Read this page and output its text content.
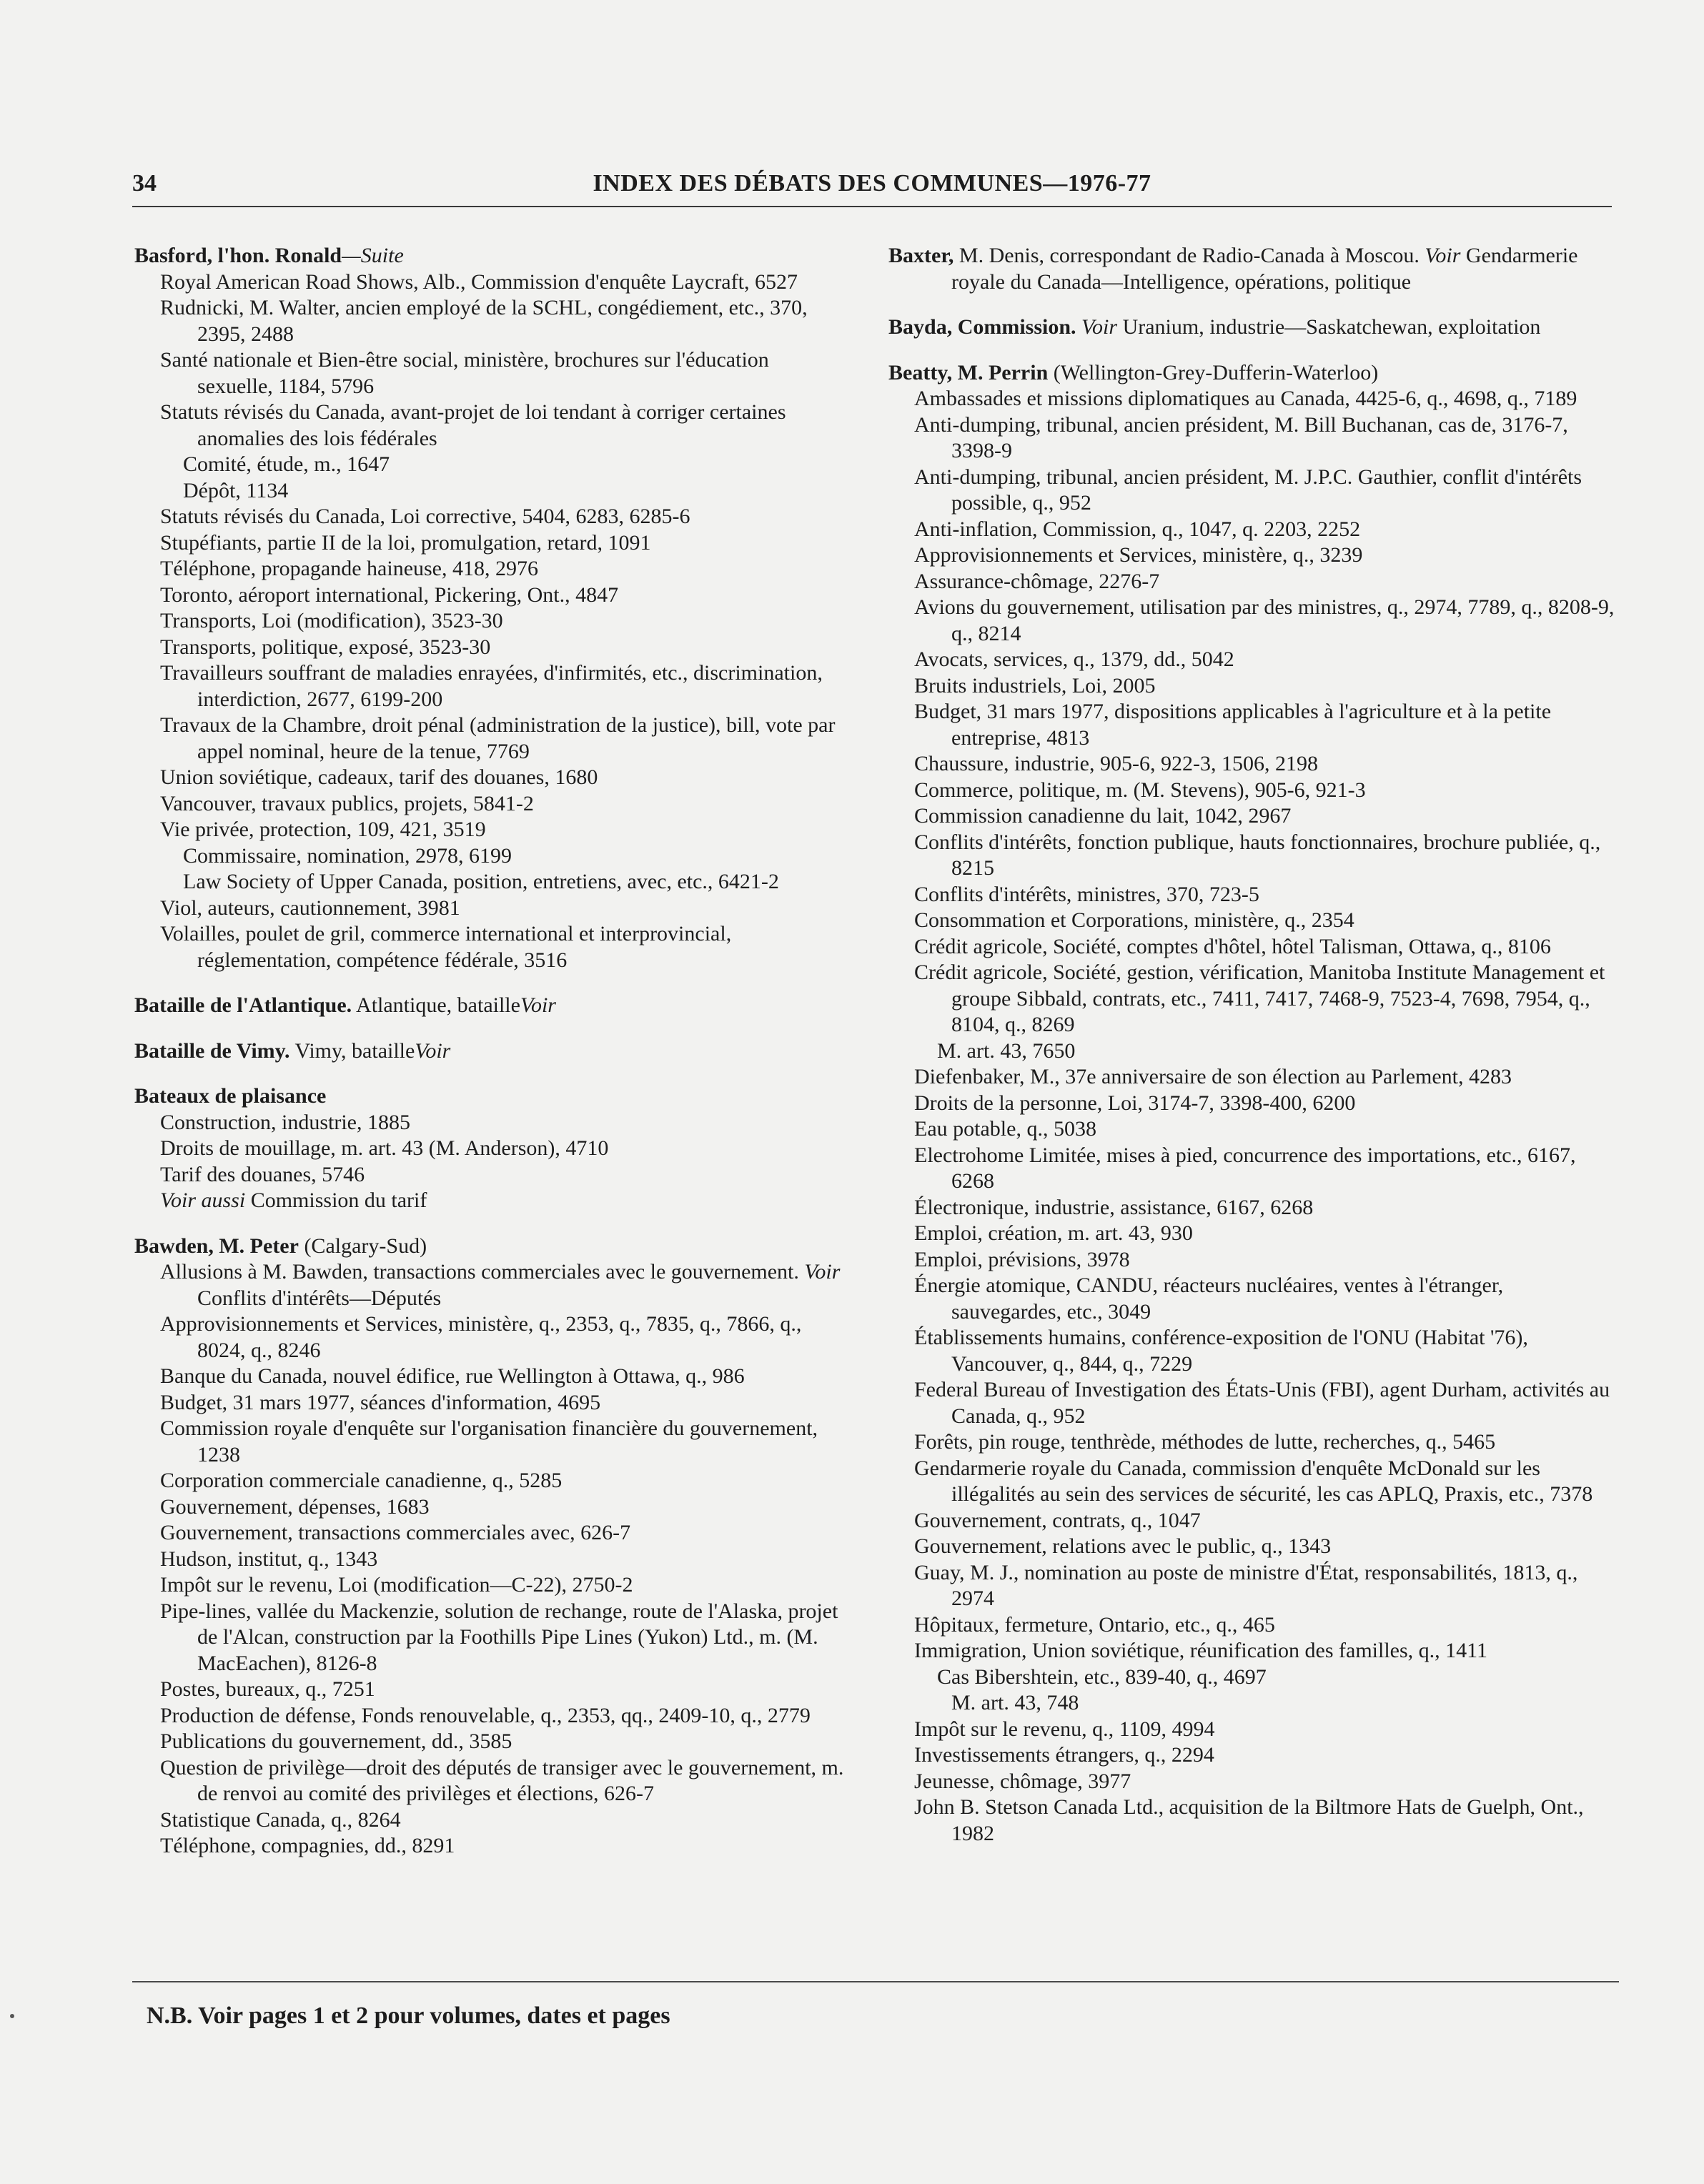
34	INDEX DES DÉBATS DES COMMUNES—1976-77
Basford, l'hon. Ronald—Suite
Royal American Road Shows, Alb., Commission d'enquête Laycraft, 6527
Rudnicki, M. Walter, ancien employé de la SCHL, congédiement, etc., 370, 2395, 2488
Santé nationale et Bien-être social, ministère, brochures sur l'éducation sexuelle, 1184, 5796
Statuts révisés du Canada, avant-projet de loi tendant à corriger certaines anomalies des lois fédérales
Comité, étude, m., 1647
Dépôt, 1134
Statuts révisés du Canada, Loi corrective, 5404, 6283, 6285-6
Stupéfiants, partie II de la loi, promulgation, retard, 1091
Téléphone, propagande haineuse, 418, 2976
Toronto, aéroport international, Pickering, Ont., 4847
Transports, Loi (modification), 3523-30
Transports, politique, exposé, 3523-30
Travailleurs souffrant de maladies enrayées, d'infirmités, etc., discrimination, interdiction, 2677, 6199-200
Travaux de la Chambre, droit pénal (administration de la justice), bill, vote par appel nominal, heure de la tenue, 7769
Union soviétique, cadeaux, tarif des douanes, 1680
Vancouver, travaux publics, projets, 5841-2
Vie privée, protection, 109, 421, 3519
Commissaire, nomination, 2978, 6199
Law Society of Upper Canada, position, entretiens, avec, etc., 6421-2
Viol, auteurs, cautionnement, 3981
Volailles, poulet de gril, commerce international et interprovincial, réglementation, compétence fédérale, 3516
Bataille de l'Atlantique. Atlantique, batailleVoir
Bataille de Vimy. Vimy, batailleVoir
Bateaux de plaisance
Construction, industrie, 1885
Droits de mouillage, m. art. 43 (M. Anderson), 4710
Tarif des douanes, 5746
Voir aussi Commission du tarif
Bawden, M. Peter (Calgary-Sud)
Allusions à M. Bawden, transactions commerciales avec le gouvernement. Voir Conflits d'intérêts—Députés
Approvisionnements et Services, ministère, q., 2353, q., 7835, q., 7866, q., 8024, q., 8246
Banque du Canada, nouvel édifice, rue Wellington à Ottawa, q., 986
Budget, 31 mars 1977, séances d'information, 4695
Commission royale d'enquête sur l'organisation financière du gouvernement, 1238
Corporation commerciale canadienne, q., 5285
Gouvernement, dépenses, 1683
Gouvernement, transactions commerciales avec, 626-7
Hudson, institut, q., 1343
Impôt sur le revenu, Loi (modification—C-22), 2750-2
Pipe-lines, vallée du Mackenzie, solution de rechange, route de l'Alaska, projet de l'Alcan, construction par la Foothills Pipe Lines (Yukon) Ltd., m. (M. MacEachen), 8126-8
Postes, bureaux, q., 7251
Production de défense, Fonds renouvelable, q., 2353, qq., 2409-10, q., 2779
Publications du gouvernement, dd., 3585
Question de privilège—droit des députés de transiger avec le gouvernement, m. de renvoi au comité des privilèges et élections, 626-7
Statistique Canada, q., 8264
Téléphone, compagnies, dd., 8291
Baxter, M. Denis, correspondant de Radio-Canada à Moscou. Voir Gendarmerie royale du Canada—Intelligence, opérations, politique
Bayda, Commission. Voir Uranium, industrie—Saskatchewan, exploitation
Beatty, M. Perrin (Wellington-Grey-Dufferin-Waterloo)
Ambassades et missions diplomatiques au Canada, 4425-6, q., 4698, q., 7189
Anti-dumping, tribunal, ancien président, M. Bill Buchanan, cas de, 3176-7, 3398-9
Anti-dumping, tribunal, ancien président, M. J.P.C. Gauthier, conflit d'intérêts possible, q., 952
Anti-inflation, Commission, q., 1047, q. 2203, 2252
Approvisionnements et Services, ministère, q., 3239
Assurance-chômage, 2276-7
Avions du gouvernement, utilisation par des ministres, q., 2974, 7789, q., 8208-9, q., 8214
Avocats, services, q., 1379, dd., 5042
Bruits industriels, Loi, 2005
Budget, 31 mars 1977, dispositions applicables à l'agriculture et à la petite entreprise, 4813
Chaussure, industrie, 905-6, 922-3, 1506, 2198
Commerce, politique, m. (M. Stevens), 905-6, 921-3
Commission canadienne du lait, 1042, 2967
Conflits d'intérêts, fonction publique, hauts fonctionnaires, brochure publiée, q., 8215
Conflits d'intérêts, ministres, 370, 723-5
Consommation et Corporations, ministère, q., 2354
Crédit agricole, Société, comptes d'hôtel, hôtel Talisman, Ottawa, q., 8106
Crédit agricole, Société, gestion, vérification, Manitoba Institute Management et groupe Sibbald, contrats, etc., 7411, 7417, 7468-9, 7523-4, 7698, 7954, q., 8104, q., 8269
M. art. 43, 7650
Diefenbaker, M., 37e anniversaire de son élection au Parlement, 4283
Droits de la personne, Loi, 3174-7, 3398-400, 6200
Eau potable, q., 5038
Electrohome Limitée, mises à pied, concurrence des importations, etc., 6167, 6268
Électronique, industrie, assistance, 6167, 6268
Emploi, création, m. art. 43, 930
Emploi, prévisions, 3978
Énergie atomique, CANDU, réacteurs nucléaires, ventes à l'étranger, sauvegardes, etc., 3049
Établissements humains, conférence-exposition de l'ONU (Habitat '76), Vancouver, q., 844, q., 7229
Federal Bureau of Investigation des États-Unis (FBI), agent Durham, activités au Canada, q., 952
Forêts, pin rouge, tenthrède, méthodes de lutte, recherches, q., 5465
Gendarmerie royale du Canada, commission d'enquête McDonald sur les illégalités au sein des services de sécurité, les cas APLQ, Praxis, etc., 7378
Gouvernement, contrats, q., 1047
Gouvernement, relations avec le public, q., 1343
Guay, M. J., nomination au poste de ministre d'État, responsabilités, 1813, q., 2974
Hôpitaux, fermeture, Ontario, etc., q., 465
Immigration, Union soviétique, réunification des familles, q., 1411
Cas Bibershtein, etc., 839-40, q., 4697
M. art. 43, 748
Impôt sur le revenu, q., 1109, 4994
Investissements étrangers, q., 2294
Jeunesse, chômage, 3977
John B. Stetson Canada Ltd., acquisition de la Biltmore Hats de Guelph, Ont., 1982
N.B. Voir pages 1 et 2 pour volumes, dates et pages
